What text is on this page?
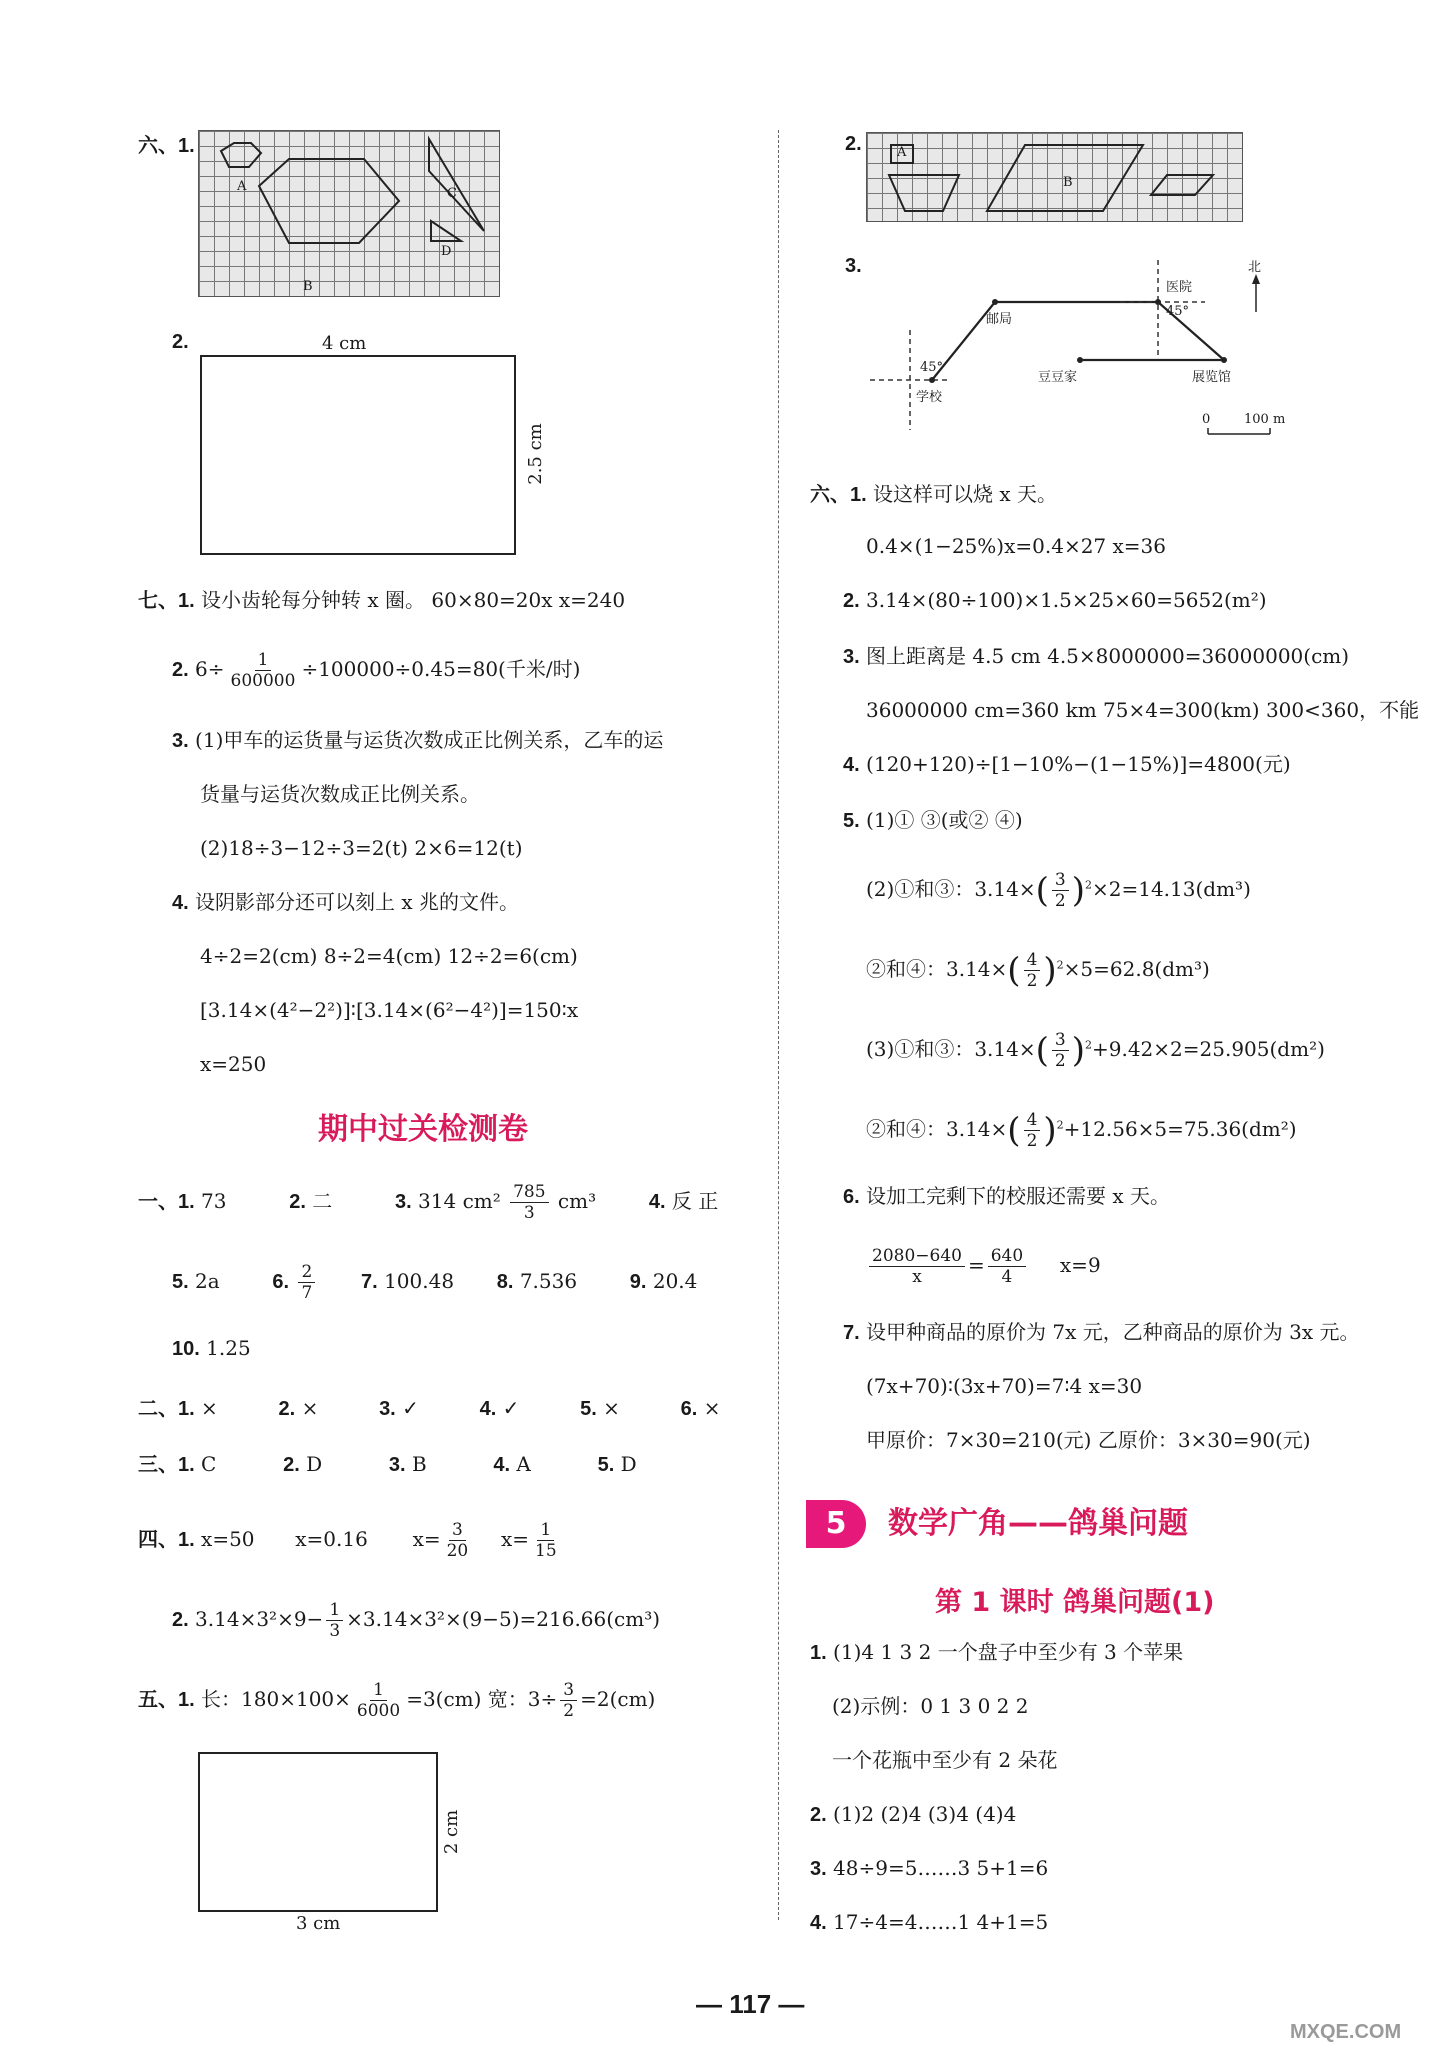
六、1.
A
B
C
D
2.	4 cm
2.5 cm
七、1. 设小齿轮每分钟转 x 圈。 60×80=20x x=240
2. $6\div \frac{1}{600000} \div 100000\div 0.45=80$(千米/时)
3. (1)甲车的运货量与运货次数成正比例关系，乙车的运
货量与运货次数成正比例关系。
(2)18÷3−12÷3=2(t) 2×6=12(t)
4. 设阴影部分还可以刻上 x 兆的文件。
4÷2=2(cm) 8÷2=4(cm) 12÷2=6(cm)
[3.14×(4²−2²)]∶[3.14×(6²−4²)]=150∶x
x=250
期中过关检测卷
一、1. 73	2. 二	3. 314 $cm^2 \frac{785}{3} cm^3$	4. 反 正
5. 2a	6. $\frac{2}{7} 7$. 100.48 8. 7.536	9. 20.4
10. 1.25
二、1. ×	2. ×	3. ✓	4. ✓	5. ×	6. ×
三、1. C	2. D	3. B	4. A	5. D
四、1. x=50 x=0.16 $x= \frac{3}{20} x= \frac{1}{15}$
2. $3.14\times 3^2\times 9- \frac{1}{3} \times 3.14\times 3^2\times(9-5)=216.66(cm^3)$
五、1. 长：$180\times 100\times \frac{1}{6000} =3(cm)$ 宽：$3\div \frac{3}{2} =2(cm)$
2 cm
3 cm
2.	A
B
3.	北
医院
45°
邮局
45°
学校
豆豆家	展览馆
0	100 m
六、1. 设这样可以烧 x 天。
0.4×(1−25%)x=0.4×27 x=36
2. 3.14×(80÷100)×1.5×25×60=5652(m²)
3. 图上距离是 4.5 cm 4.5×8000000=36000000(cm)
36000000 cm=360 km 75×4=300(km) 300<360，不能
4. (120+120)÷[1−10%−(1−15%)]=4800(元)
5. (1)① ③(或② ④)
(2)①和③：$3.14\times( \frac{3}{2} )^2\times 2=14.13(dm^3)$
②和④：$3.14\times( \frac{4}{2} )^2\times 5=62.8(dm^3)$
(3)①和③：$3.14\times( \frac{3}{2} )^2+9.42\times 2=25.905(dm^2)$
②和④：$3.14\times( \frac{4}{2} )^2+12.56\times 5=75.36(dm^2)$
6. 设加工完剩下的校服还需要 x 天。
$\frac{2080-640}{x} = \frac{640}{4} x=9$
7. 设甲种商品的原价为 7x 元，乙种商品的原价为 3x 元。
(7x+70)∶(3x+70)=7∶4 x=30
甲原价：7×30=210(元) 乙原价：3×30=90(元)
5	数学广角——鸽巢问题
第 1 课时 鸽巢问题(1)
1. (1)4 1 3 2 一个盘子中至少有 3 个苹果
(2)示例：0 1 3 0 2 2
一个花瓶中至少有 2 朵花
2. (1)2 (2)4 (3)4 (4)4
3. 48÷9=5……3 5+1=6
4. 17÷4=4……1 4+1=5
— 117 —
MXQE.COM
